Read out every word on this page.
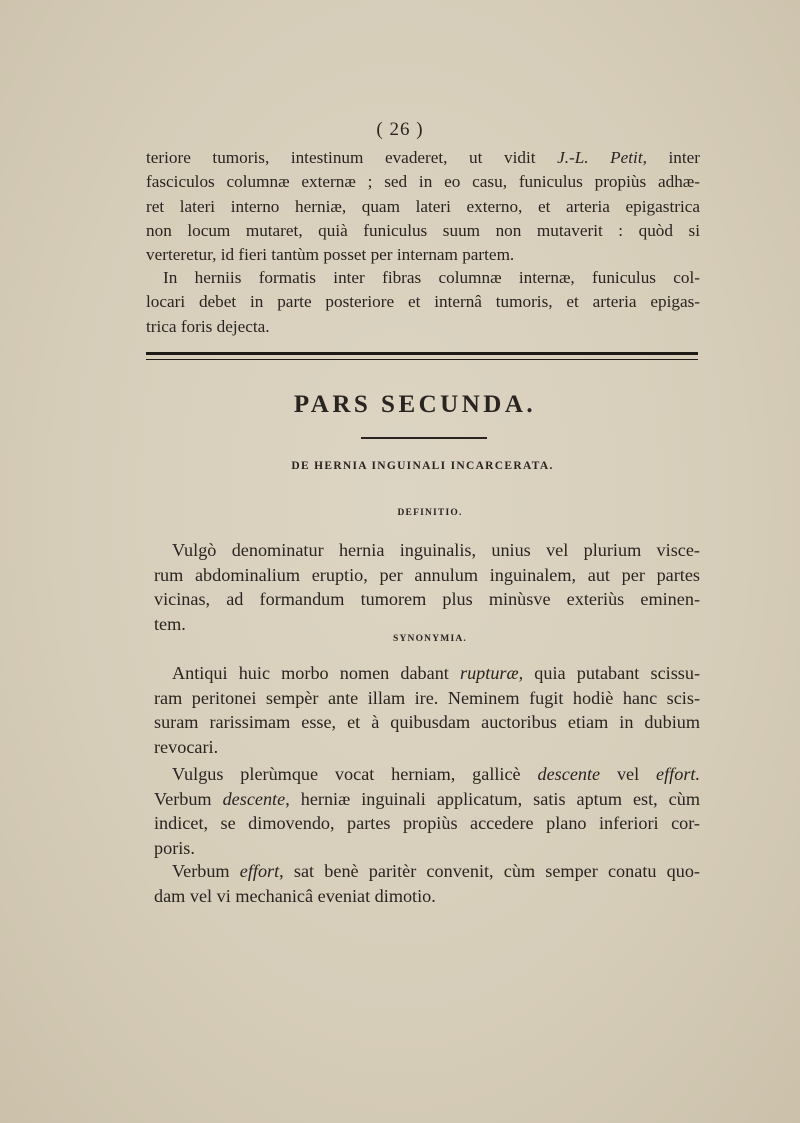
( 26 )
teriore tumoris, intestinum evaderet, ut vidit J.-L. Petit, inter
fasciculos columnæ externæ ; sed in eo casu, funiculus propiùs adhæ-
ret lateri interno herniæ, quam lateri externo, et arteria epigastrica
non locum mutaret, quià funiculus suum non mutaverit : quòd si
verteretur, id fieri tantùm posset per internam partem.
In herniis formatis inter fibras columnæ internæ, funiculus col-
locari debet in parte posteriore et internâ tumoris, et arteria epigas-
trica foris dejecta.
PARS SECUNDA.
DE HERNIA INGUINALI INCARCERATA.
DEFINITIO.
Vulgò denominatur hernia inguinalis, unius vel plurium visce-
rum abdominalium eruptio, per annulum inguinalem, aut per partes
vicinas, ad formandum tumorem plus minùsve exteriùs eminen-
tem.
SYNONYMIA.
Antiqui huic morbo nomen dabant rupturæ, quia putabant scissu-
ram peritonei sempèr ante illam ire. Neminem fugit hodiè hanc scis-
suram rarissimam esse, et à quibusdam auctoribus etiam in dubium
revocari.
Vulgus plerùmque vocat herniam, gallicè descente vel effort.
Verbum descente, herniæ inguinali applicatum, satis aptum est, cùm
indicet, se dimovendo, partes propiùs accedere plano inferiori cor-
poris.
Verbum effort, sat benè paritèr convenit, cùm semper conatu quo-
dam vel vi mechanicâ eveniat dimotio.
